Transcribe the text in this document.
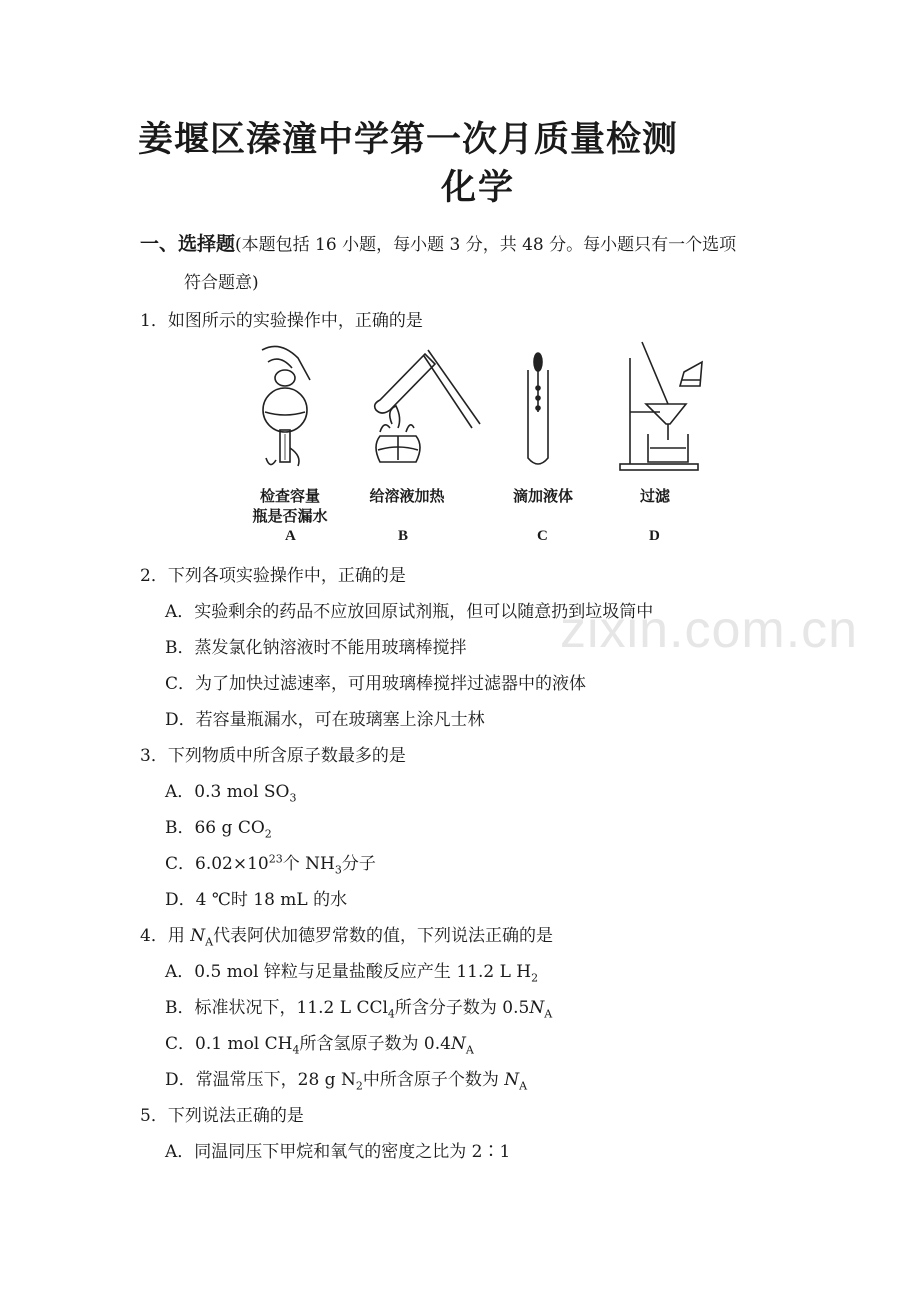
姜堰区溱潼中学第一次月质量检测
化学
一、选择题(本题包括 16 小题，每小题 3 分，共 48 分。每小题只有一个选项
符合题意)
zixin.com.cn
1．如图所示的实验操作中，正确的是
检查容量
瓶是否漏水
给溶液加热	滴加液体	过滤
A	B	C	D
2．下列各项实验操作中，正确的是
A．实验剩余的药品不应放回原试剂瓶，但可以随意扔到垃圾筒中
B．蒸发氯化钠溶液时不能用玻璃棒搅拌
C．为了加快过滤速率，可用玻璃棒搅拌过滤器中的液体
D．若容量瓶漏水，可在玻璃塞上涂凡士林
3．下列物质中所含原子数最多的是
A．0.3 mol $SO_3$
B．66 g $CO_2$
C．$6.02\times 10^{23}$个 $NH_3$分子
D．4 ℃时 18 mL 的水
4．用 $N_A$代表阿伏加德罗常数的值，下列说法正确的是
A．0.5 mol 锌粒与足量盐酸反应产生 11.2 L $H_2$
B．标准状况下，11.2 L CCl$_4$所含分子数为 $0.5N_A$
C．0.1 mol $CH_4$所含氢原子数为 $0.4N_A$
D．常温常压下，28 g $N_2$中所含原子个数为 $N_A$
5．下列说法正确的是
A．同温同压下甲烷和氧气的密度之比为 2∶1
